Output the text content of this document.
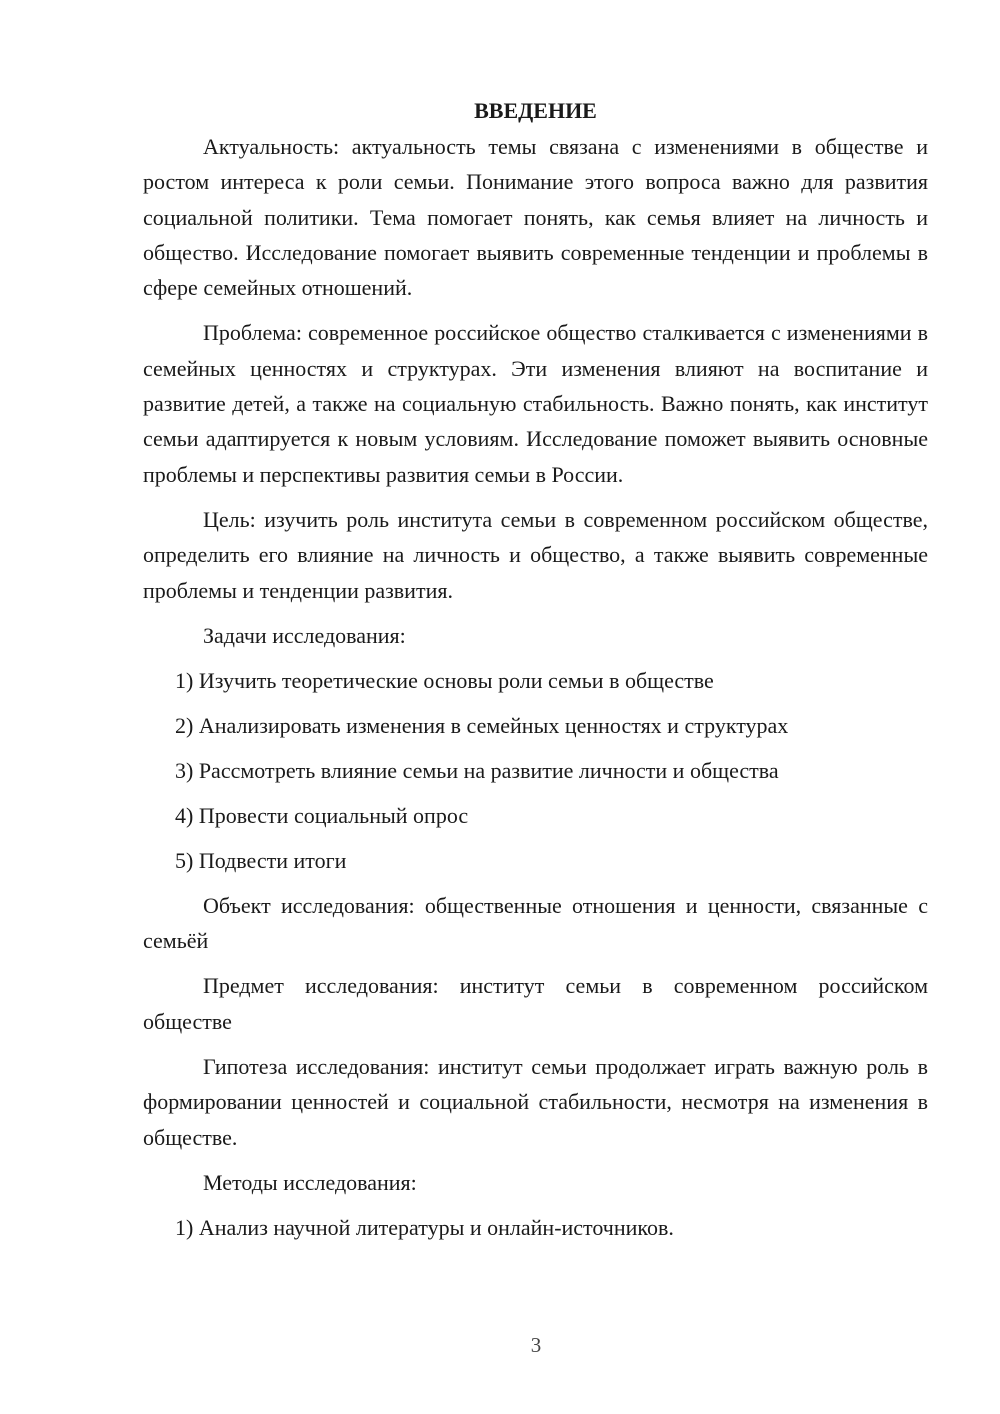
ВВЕДЕНИЕ

Актуальность: актуальность темы связана с изменениями в обществе и ростом интереса к роли семьи. Понимание этого вопроса важно для развития социальной политики. Тема помогает понять, как семья влияет на личность и общество. Исследование помогает выявить современные тенденции и проблемы в сфере семейных отношений.

Проблема: современное российское общество сталкивается с изменениями в семейных ценностях и структурах. Эти изменения влияют на воспитание и развитие детей, а также на социальную стабильность. Важно понять, как институт семьи адаптируется к новым условиям. Исследование поможет выявить основные проблемы и перспективы развития семьи в России.

Цель: изучить роль института семьи в современном российском обществе, определить его влияние на личность и общество, а также выявить современные проблемы и тенденции развития.

Задачи исследования:
1) Изучить теоретические основы роли семьи в обществе
2) Анализировать изменения в семейных ценностях и структурах
3) Рассмотреть влияние семьи на развитие личности и общества
4) Провести социальный опрос
5) Подвести итоги

Объект исследования: общественные отношения и ценности, связанные с семьёй

Предмет исследования: институт семьи в современном российском обществе

Гипотеза исследования: институт семьи продолжает играть важную роль в формировании ценностей и социальной стабильности, несмотря на изменения в обществе.

Методы исследования:
1) Анализ научной литературы и онлайн-источников.
3
